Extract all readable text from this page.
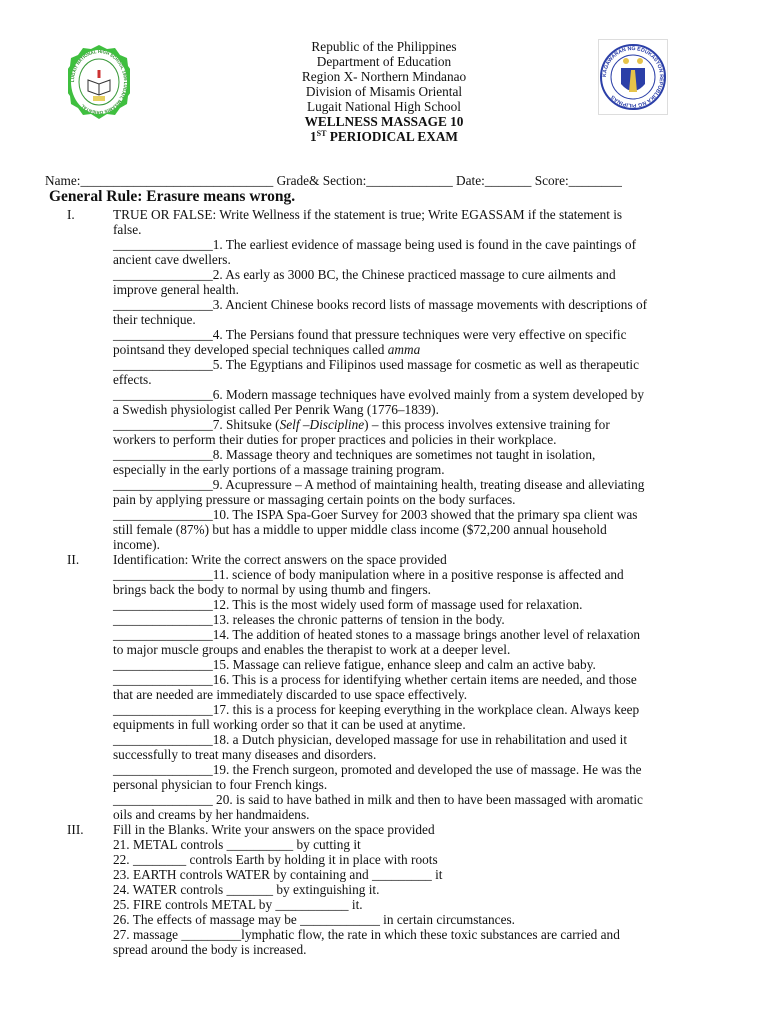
LUGAIT NATIONAL HIGH SCHOOL 1909 LUGAIT, MISAMIS ORIENTAL
KAGAWARAN NG EDUKASYON REPUBLIKA NG PILIPINAS
Republic of the Philippines
Department of Education
Region X- Northern Mindanao
Division of Misamis Oriental
Lugait National High School
WELLNESS MASSAGE 10
1ST PERIODICAL EXAM
Name:_____________________________ Grade& Section:_____________ Date:_______ Score:________
General Rule: Erasure means wrong.
I.	TRUE OR FALSE: Write Wellness if the statement is true; Write EGASSAM if the statement is
false.
_______________1. The earliest evidence of massage being used is found in the cave paintings of
ancient cave dwellers.
_______________2. As early as 3000 BC, the Chinese practiced massage to cure ailments and
improve general health.
_______________3. Ancient Chinese books record lists of massage movements with descriptions of
their technique.
_______________4. The Persians found that pressure techniques were very effective on specific
pointsand they developed special techniques called amma
_______________5. The Egyptians and Filipinos used massage for cosmetic as well as therapeutic
effects.
_______________6. Modern massage techniques have evolved mainly from a system developed by
a Swedish physiologist called Per Penrik Wang (1776–1839).
_______________7. Shitsuke (Self –Discipline) – this process involves extensive training for
workers to perform their duties for proper practices and policies in their workplace.
_______________8. Massage theory and techniques are sometimes not taught in isolation,
especially in the early portions of a massage training program.
_______________9. Acupressure – A method of maintaining health, treating disease and alleviating
pain by applying pressure or massaging certain points on the body surfaces.
_______________10. The ISPA Spa-Goer Survey for 2003 showed that the primary spa client was
still female (87%) but has a middle to upper middle class income ($72,200 annual household
income).
II.	Identification: Write the correct answers on the space provided
_______________11. science of body manipulation where in a positive response is affected and
brings back the body to normal by using thumb and fingers.
_______________12. This is the most widely used form of massage used for relaxation.
_______________13. releases the chronic patterns of tension in the body.
_______________14. The addition of heated stones to a massage brings another level of relaxation
to major muscle groups and enables the therapist to work at a deeper level.
_______________15. Massage can relieve fatigue, enhance sleep and calm an active baby.
_______________16. This is a process for identifying whether certain items are needed, and those
that are needed are immediately discarded to use space effectively.
_______________17. this is a process for keeping everything in the workplace clean. Always keep
equipments in full working order so that it can be used at anytime.
_______________18. a Dutch physician, developed massage for use in rehabilitation and used it
successfully to treat many diseases and disorders.
_______________19. the French surgeon, promoted and developed the use of massage. He was the
personal physician to four French kings.
_______________ 20. is said to have bathed in milk and then to have been massaged with aromatic
oils and creams by her handmaidens.
III. Fill in the Blanks. Write your answers on the space provided
21. METAL controls __________ by cutting it
22. ________ controls Earth by holding it in place with roots
23. EARTH controls WATER by containing and _________ it
24. WATER controls _______ by extinguishing it.
25. FIRE controls METAL by ___________ it.
26. The effects of massage may be ____________ in certain circumstances.
27. massage _________lymphatic flow, the rate in which these toxic substances are carried and
spread around the body is increased.
